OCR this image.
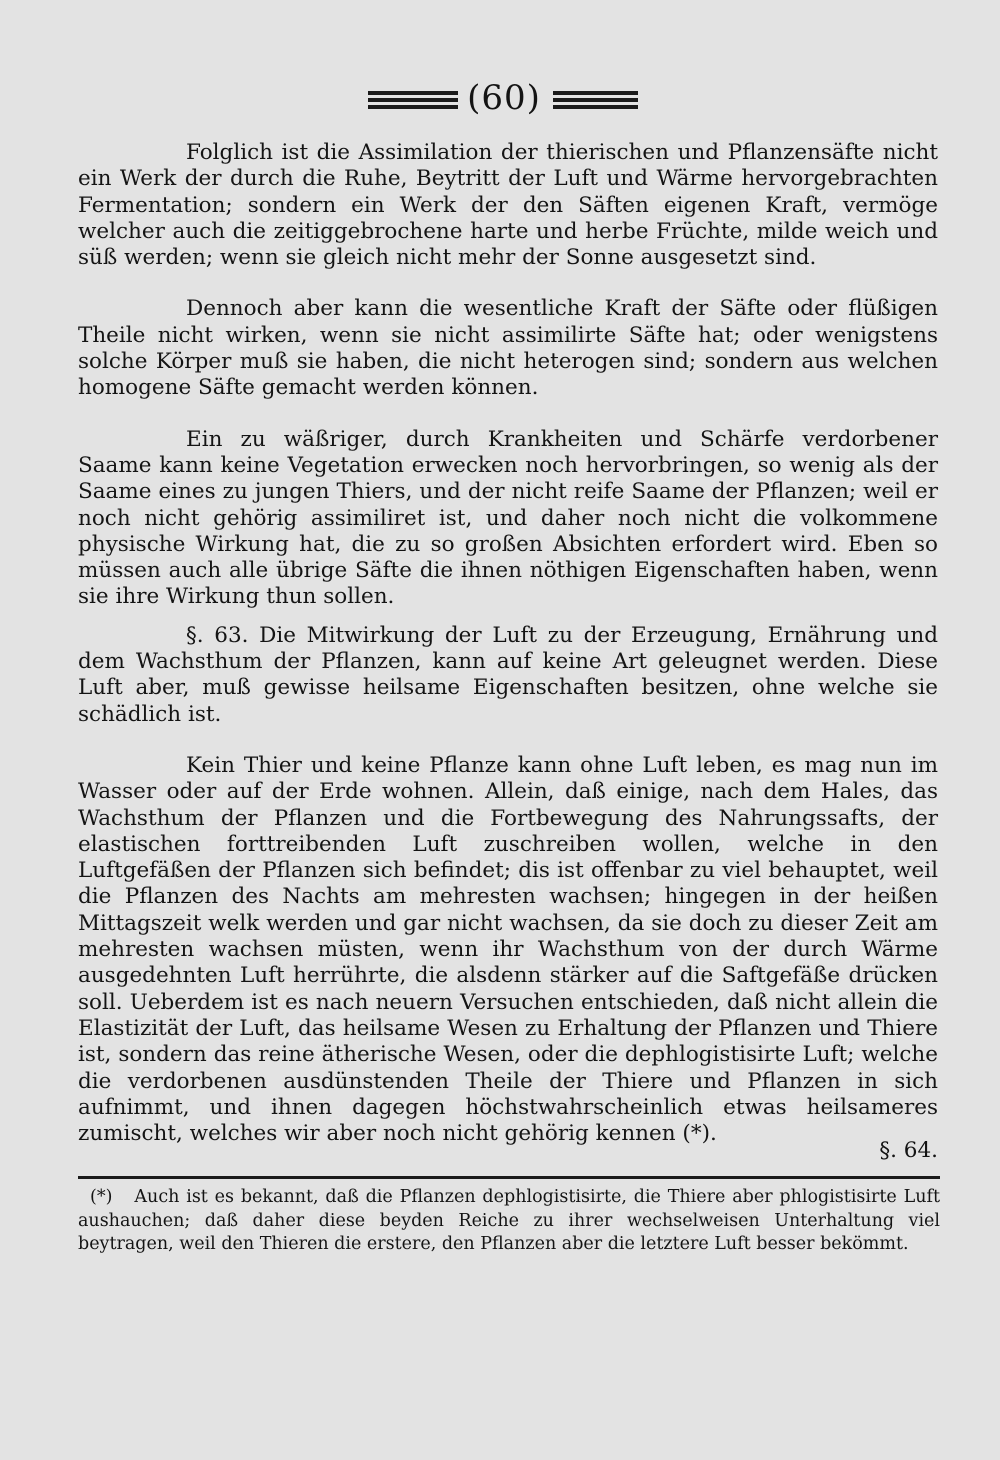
(60)

Folglich ist die Assimilation der thierischen und Pflanzensäfte nicht ein Werk der durch die Ruhe, Beytritt der Luft und Wärme hervorgebrachten Fermentation; sondern ein Werk der den Säften eigenen Kraft, vermöge welcher auch die zeitiggebrochene harte und herbe Früchte, milde weich und süß werden; wenn sie gleich nicht mehr der Sonne ausgesetzt sind.

Dennoch aber kann die wesentliche Kraft der Säfte oder flüßigen Theile nicht wirken, wenn sie nicht assimilirte Säfte hat; oder wenigstens solche Körper muß sie haben, die nicht heterogen sind; sondern aus welchen homogene Säfte gemacht werden können.

Ein zu wäßriger, durch Krankheiten und Schärfe verdorbener Saame kann keine Vegetation erwecken noch hervorbringen, so wenig als der Saame eines zu jungen Thiers, und der nicht reife Saame der Pflanzen; weil er noch nicht gehörig assimiliret ist, und daher noch nicht die volkommene physische Wirkung hat, die zu so großen Absichten erfordert wird. Eben so müssen auch alle übrige Säfte die ihnen nöthigen Eigenschaften haben, wenn sie ihre Wirkung thun sollen.

§. 63. Die Mitwirkung der Luft zu der Erzeugung, Ernährung und dem Wachsthum der Pflanzen, kann auf keine Art geleugnet werden. Diese Luft aber, muß gewisse heilsame Eigenschaften besitzen, ohne welche sie schädlich ist.

Kein Thier und keine Pflanze kann ohne Luft leben, es mag nun im Wasser oder auf der Erde wohnen. Allein, daß einige, nach dem Hales, das Wachsthum der Pflanzen und die Fortbewegung des Nahrungssafts, der elastischen forttreibenden Luft zuschreiben wollen, welche in den Luftgefäßen der Pflanzen sich befindet; dis ist offenbar zu viel behauptet, weil die Pflanzen des Nachts am mehresten wachsen; hingegen in der heißen Mittagszeit welk werden und gar nicht wachsen, da sie doch zu dieser Zeit am mehresten wachsen müsten, wenn ihr Wachsthum von der durch Wärme ausgedehnten Luft herrührte, die alsdenn stärker auf die Saftgefäße drücken soll. Ueberdem ist es nach neuern Versuchen entschieden, daß nicht allein die Elastizität der Luft, das heilsame Wesen zu Erhaltung der Pflanzen und Thiere ist, sondern das reine ätherische Wesen, oder die dephlogistisirte Luft; welche die verdorbenen ausdünstenden Theile der Thiere und Pflanzen in sich aufnimmt, und ihnen dagegen höchstwahrscheinlich etwas heilsameres zumischt, welches wir aber noch nicht gehörig kennen (*).

§. 64.
(*) Auch ist es bekannt, daß die Pflanzen dephlogistisirte, die Thiere aber phlogistisirte Luft aushauchen; daß daher diese beyden Reiche zu ihrer wechselweisen Unterhaltung viel beytragen, weil den Thieren die erstere, den Pflanzen aber die letztere Luft besser bekömmt.
